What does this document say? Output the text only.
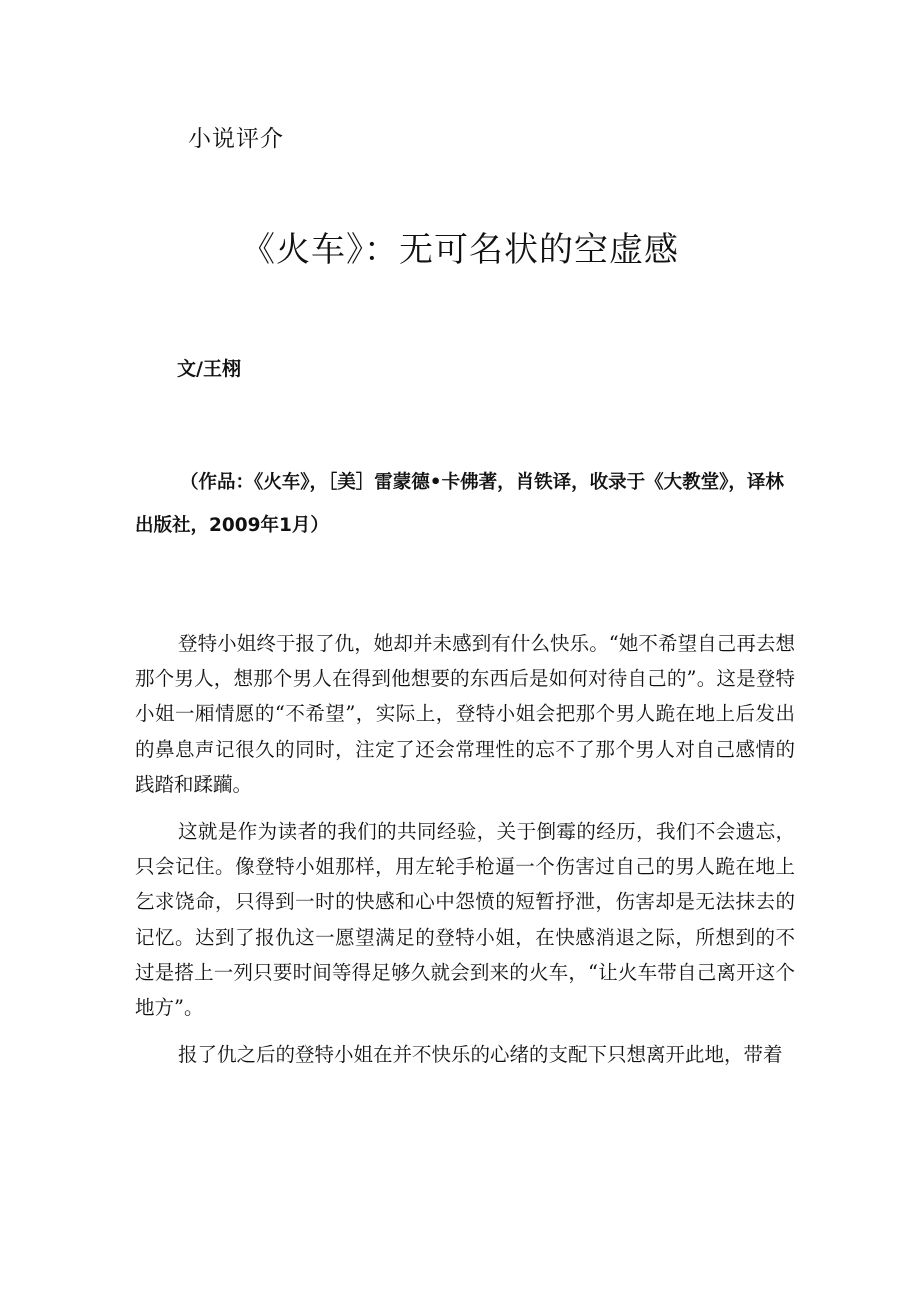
小说评介
《火车》：无可名状的空虚感
文/王栩
（作品：《火车》，［美］雷蒙德•卡佛著，肖铁译，收录于《大教堂》，译林出版社，2009年1月）

登特小姐终于报了仇，她却并未感到有什么快乐。“她不希望自己再去想那个男人，想那个男人在得到他想要的东西后是如何对待自己的”。这是登特小姐一厢情愿的“不希望”，实际上，登特小姐会把那个男人跪在地上后发出的鼻息声记很久的同时，注定了还会常理性的忘不了那个男人对自己感情的践踏和蹂躏。

这就是作为读者的我们的共同经验，关于倒霉的经历，我们不会遗忘，只会记住。像登特小姐那样，用左轮手枪逼一个伤害过自己的男人跪在地上乞求饶命，只得到一时的快感和心中怨愤的短暂抒泄，伤害却是无法抹去的记忆。达到了报仇这一愿望满足的登特小姐，在快感消退之际，所想到的不过是搭上一列只要时间等得足够久就会到来的火车，“让火车带自己离开这个地方”。

报了仇之后的登特小姐在并不快乐的心绪的支配下只想离开此地，带着
